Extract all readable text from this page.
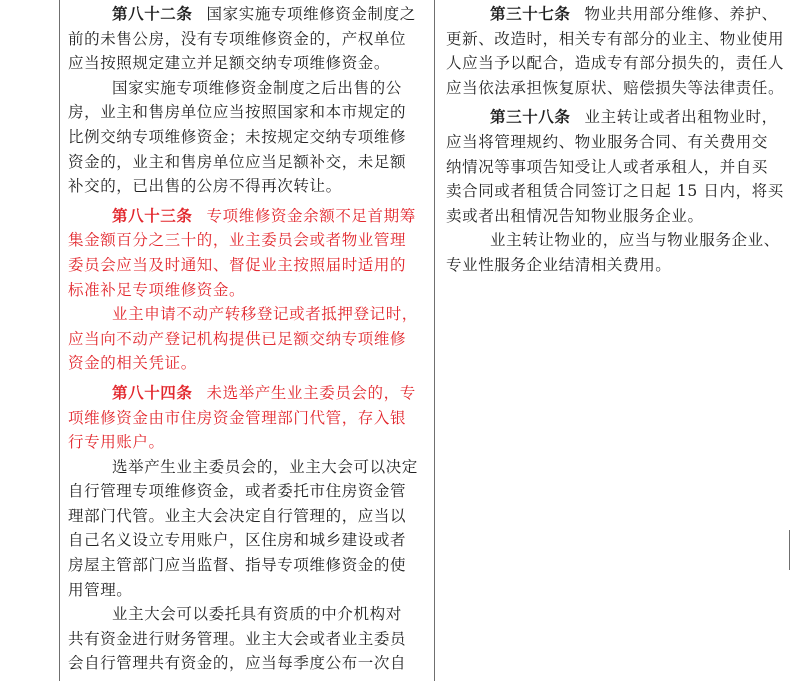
第八十二条 国家实施专项维修资金制度之
前的未售公房，没有专项维修资金的，产权单位
应当按照规定建立并足额交纳专项维修资金。

国家实施专项维修资金制度之后出售的公
房，业主和售房单位应当按照国家和本市规定的
比例交纳专项维修资金；未按规定交纳专项维修
资金的，业主和售房单位应当足额补交，未足额
补交的，已出售的公房不得再次转让。

第八十三条 专项维修资金余额不足首期筹
集金额百分之三十的，业主委员会或者物业管理
委员会应当及时通知、督促业主按照届时适用的
标准补足专项维修资金。

业主申请不动产转移登记或者抵押登记时，
应当向不动产登记机构提供已足额交纳专项维修
资金的相关凭证。

第八十四条 未选举产生业主委员会的，专
项维修资金由市住房资金管理部门代管，存入银
行专用账户。

选举产生业主委员会的，业主大会可以决定
自行管理专项维修资金，或者委托市住房资金管
理部门代管。业主大会决定自行管理的，应当以
自己名义设立专用账户，区住房和城乡建设或者
房屋主管部门应当监督、指导专项维修资金的使
用管理。

业主大会可以委托具有资质的中介机构对
共有资金进行财务管理。业主大会或者业主委员
会自行管理共有资金的，应当每季度公布一次自

第三十七条 物业共用部分维修、养护、
更新、改造时，相关专有部分的业主、物业使用
人应当予以配合，造成专有部分损失的，责任人
应当依法承担恢复原状、赔偿损失等法律责任。

第三十八条 业主转让或者出租物业时，
应当将管理规约、物业服务合同、有关费用交
纳情况等事项告知受让人或者承租人，并自买
卖合同或者租赁合同签订之日起 15 日内，将买
卖或者出租情况告知物业服务企业。

业主转让物业的，应当与物业服务企业、
专业性服务企业结清相关费用。
